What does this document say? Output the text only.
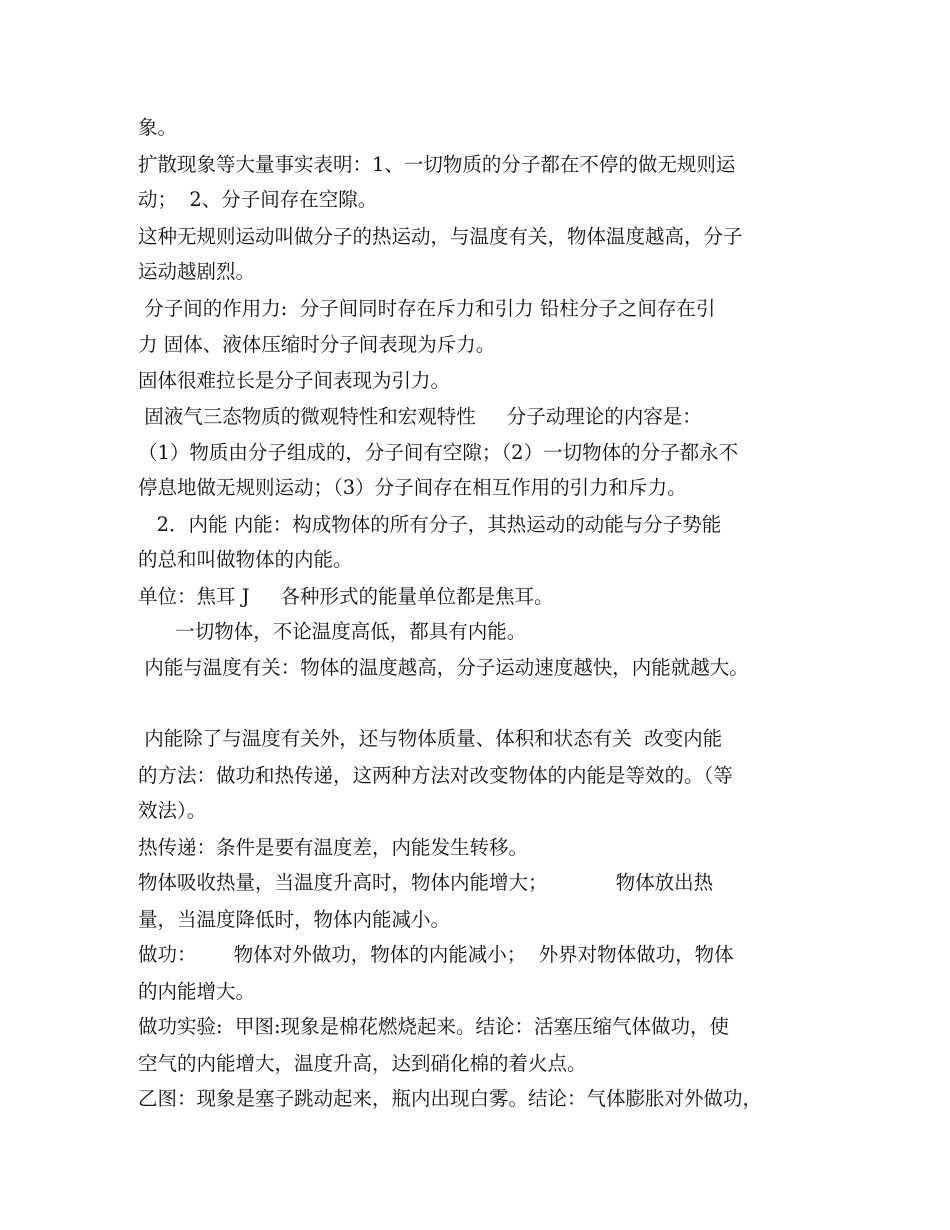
象。
扩散现象等大量事实表明：1、一切物质的分子都在不停的做无规则运
动；  2、分子间存在空隙。
这种无规则运动叫做分子的热运动，与温度有关，物体温度越高，分子
运动越剧烈。
分子间的作用力:  分子间同时存在斥力和引力 铅柱分子之间存在引
力 固体、液体压缩时分子间表现为斥力。
固体很难拉长是分子间表现为引力。
固液气三态物质的微观特性和宏观特性     分子动理论的内容是：
（1）物质由分子组成的，分子间有空隙；（2）一切物体的分子都永不
停息地做无规则运动；（3）分子间存在相互作用的引力和斥力。
2．内能 内能：构成物体的所有分子，其热运动的动能与分子势能
的总和叫做物体的内能。
单位：焦耳 J     各种形式的能量单位都是焦耳。
一切物体，不论温度高低，都具有内能。
内能与温度有关：物体的温度越高，分子运动速度越快，内能就越大。
内能除了与温度有关外，还与物体质量、体积和状态有关  改变内能
的方法：做功和热传递，这两种方法对改变物体的内能是等效的。（等
效法）。
热传递：条件是要有温度差，内能发生转移。
物体吸收热量，当温度升高时，物体内能增大；           物体放出热
量，当温度降低时，物体内能减小。
做功：      物体对外做功，物体的内能减小；  外界对物体做功，物体
的内能增大。
做功实验:  甲图:现象是棉花燃烧起来。结论：活塞压缩气体做功，使
空气的内能增大，温度升高，达到硝化棉的着火点。
乙图：现象是塞子跳动起来，瓶内出现白雾。结论：气体膨胀对外做功，
